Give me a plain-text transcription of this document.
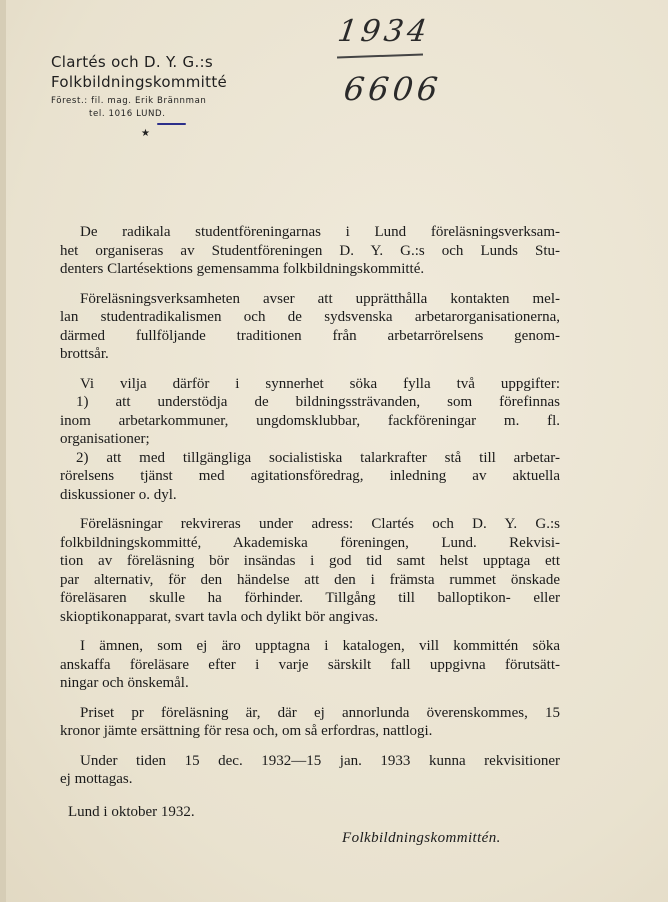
1934
6606
Clartés och D. Y. G.:s
Folkbildningskommitté
Förest.: fil. mag. Erik Brännman
tel. 1016 LUND.
★

De radikala studentföreningarnas i Lund föreläsningsverksam-
het organiseras av Studentföreningen D. Y. G.:s och Lunds Stu-
denters Clartésektions gemensamma folkbildningskommitté.

Föreläsningsverksamheten avser att upprätthålla kontakten mel-
lan studentradikalismen och de sydsvenska arbetarorganisationerna,
därmed fullföljande traditionen från arbetarrörelsens genom-
brottsår.

Vi vilja därför i synnerhet söka fylla två uppgifter:
1) att understödja de bildningssträvanden, som förefinnas
inom arbetarkommuner, ungdomsklubbar, fackföreningar m. fl.
organisationer;
2) att med tillgängliga socialistiska talarkrafter stå till arbetar-
rörelsens tjänst med agitationsföredrag, inledning av aktuella
diskussioner o. dyl.

Föreläsningar rekvireras under adress: Clartés och D. Y. G.:s
folkbildningskommitté, Akademiska föreningen, Lund. Rekvisi-
tion av föreläsning bör insändas i god tid samt helst upptaga ett
par alternativ, för den händelse att den i främsta rummet önskade
föreläsaren skulle ha förhinder. Tillgång till balloptikon- eller
skioptikonapparat, svart tavla och dylikt bör angivas.

I ämnen, som ej äro upptagna i katalogen, vill kommittén söka
anskaffa föreläsare efter i varje särskilt fall uppgivna förutsätt-
ningar och önskemål.

Priset pr föreläsning är, där ej annorlunda överenskommes, 15
kronor jämte ersättning för resa och, om så erfordras, nattlogi.

Under tiden 15 dec. 1932—15 jan. 1933 kunna rekvisitioner
ej mottagas.

Lund i oktober 1932.

Folkbildningskommittén.
